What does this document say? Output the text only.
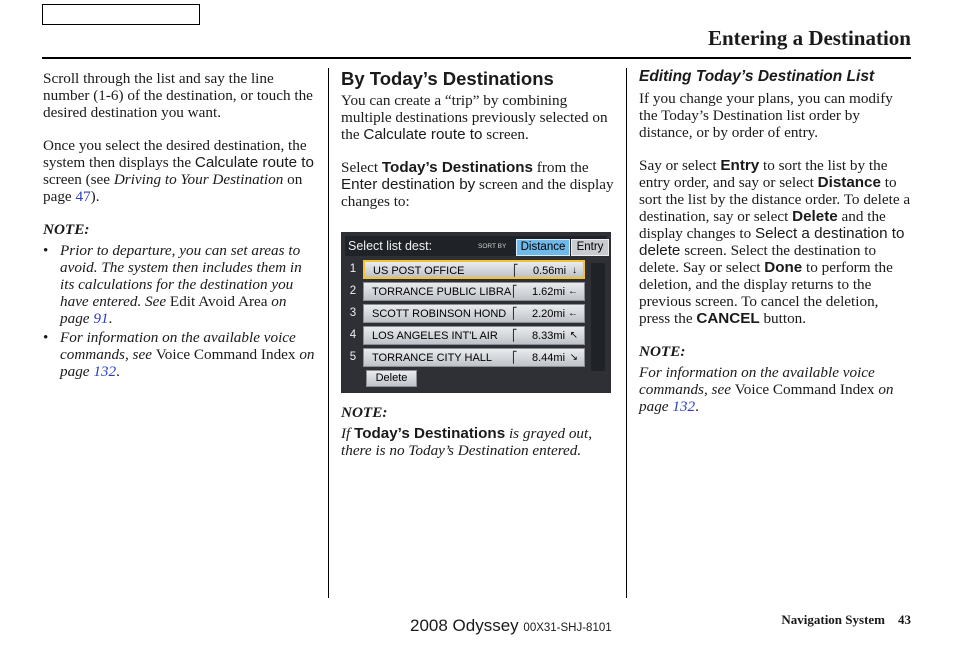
Entering a Destination

Scroll through the list and say the line number (1-6) of the destination, or touch the desired destination you want.

Once you select the desired destination, the system then displays the Calculate route to screen (see Driving to Your Destination on page 47).

NOTE:
• Prior to departure, you can set areas to avoid. The system then includes them in its calculations for the destination you have entered. See Edit Avoid Area on page 91.
• For information on the available voice commands, see Voice Command Index on page 132.
By Today’s Destinations

You can create a “trip” by combining multiple destinations previously selected on the Calculate route to screen.

Select Today’s Destinations from the Enter destination by screen and the display changes to:

Select list dest:	SORT BY	Distance Entry
1 US POST OFFICE	⎡ 0.56mi ↓
2 TORRANCE PUBLIC LIBRA ⎡ 1.62mi ←
3 SCOTT ROBINSON HOND ⎡ 2.20mi ←
4 LOS ANGELES INT'L AIR ⎡ 8.33mi ↖
5 TORRANCE CITY HALL ⎡ 8.44mi ↘
Delete
NOTE:
If Today’s Destinations is grayed out, there is no Today’s Destination entered.
Editing Today’s Destination List

If you change your plans, you can modify the Today’s Destination list order by distance, or by order of entry.

Say or select Entry to sort the list by the entry order, and say or select Distance to sort the list by the distance order. To delete a destination, say or select Delete and the display changes to Select a destination to delete screen. Select the destination to delete. Say or select Done to perform the deletion, and the display returns to the previous screen. To cancel the deletion, press the CANCEL button.

NOTE:
For information on the available voice commands, see Voice Command Index on page 132.
2008 Odyssey 00X31-SHJ-8101
Navigation System 43
